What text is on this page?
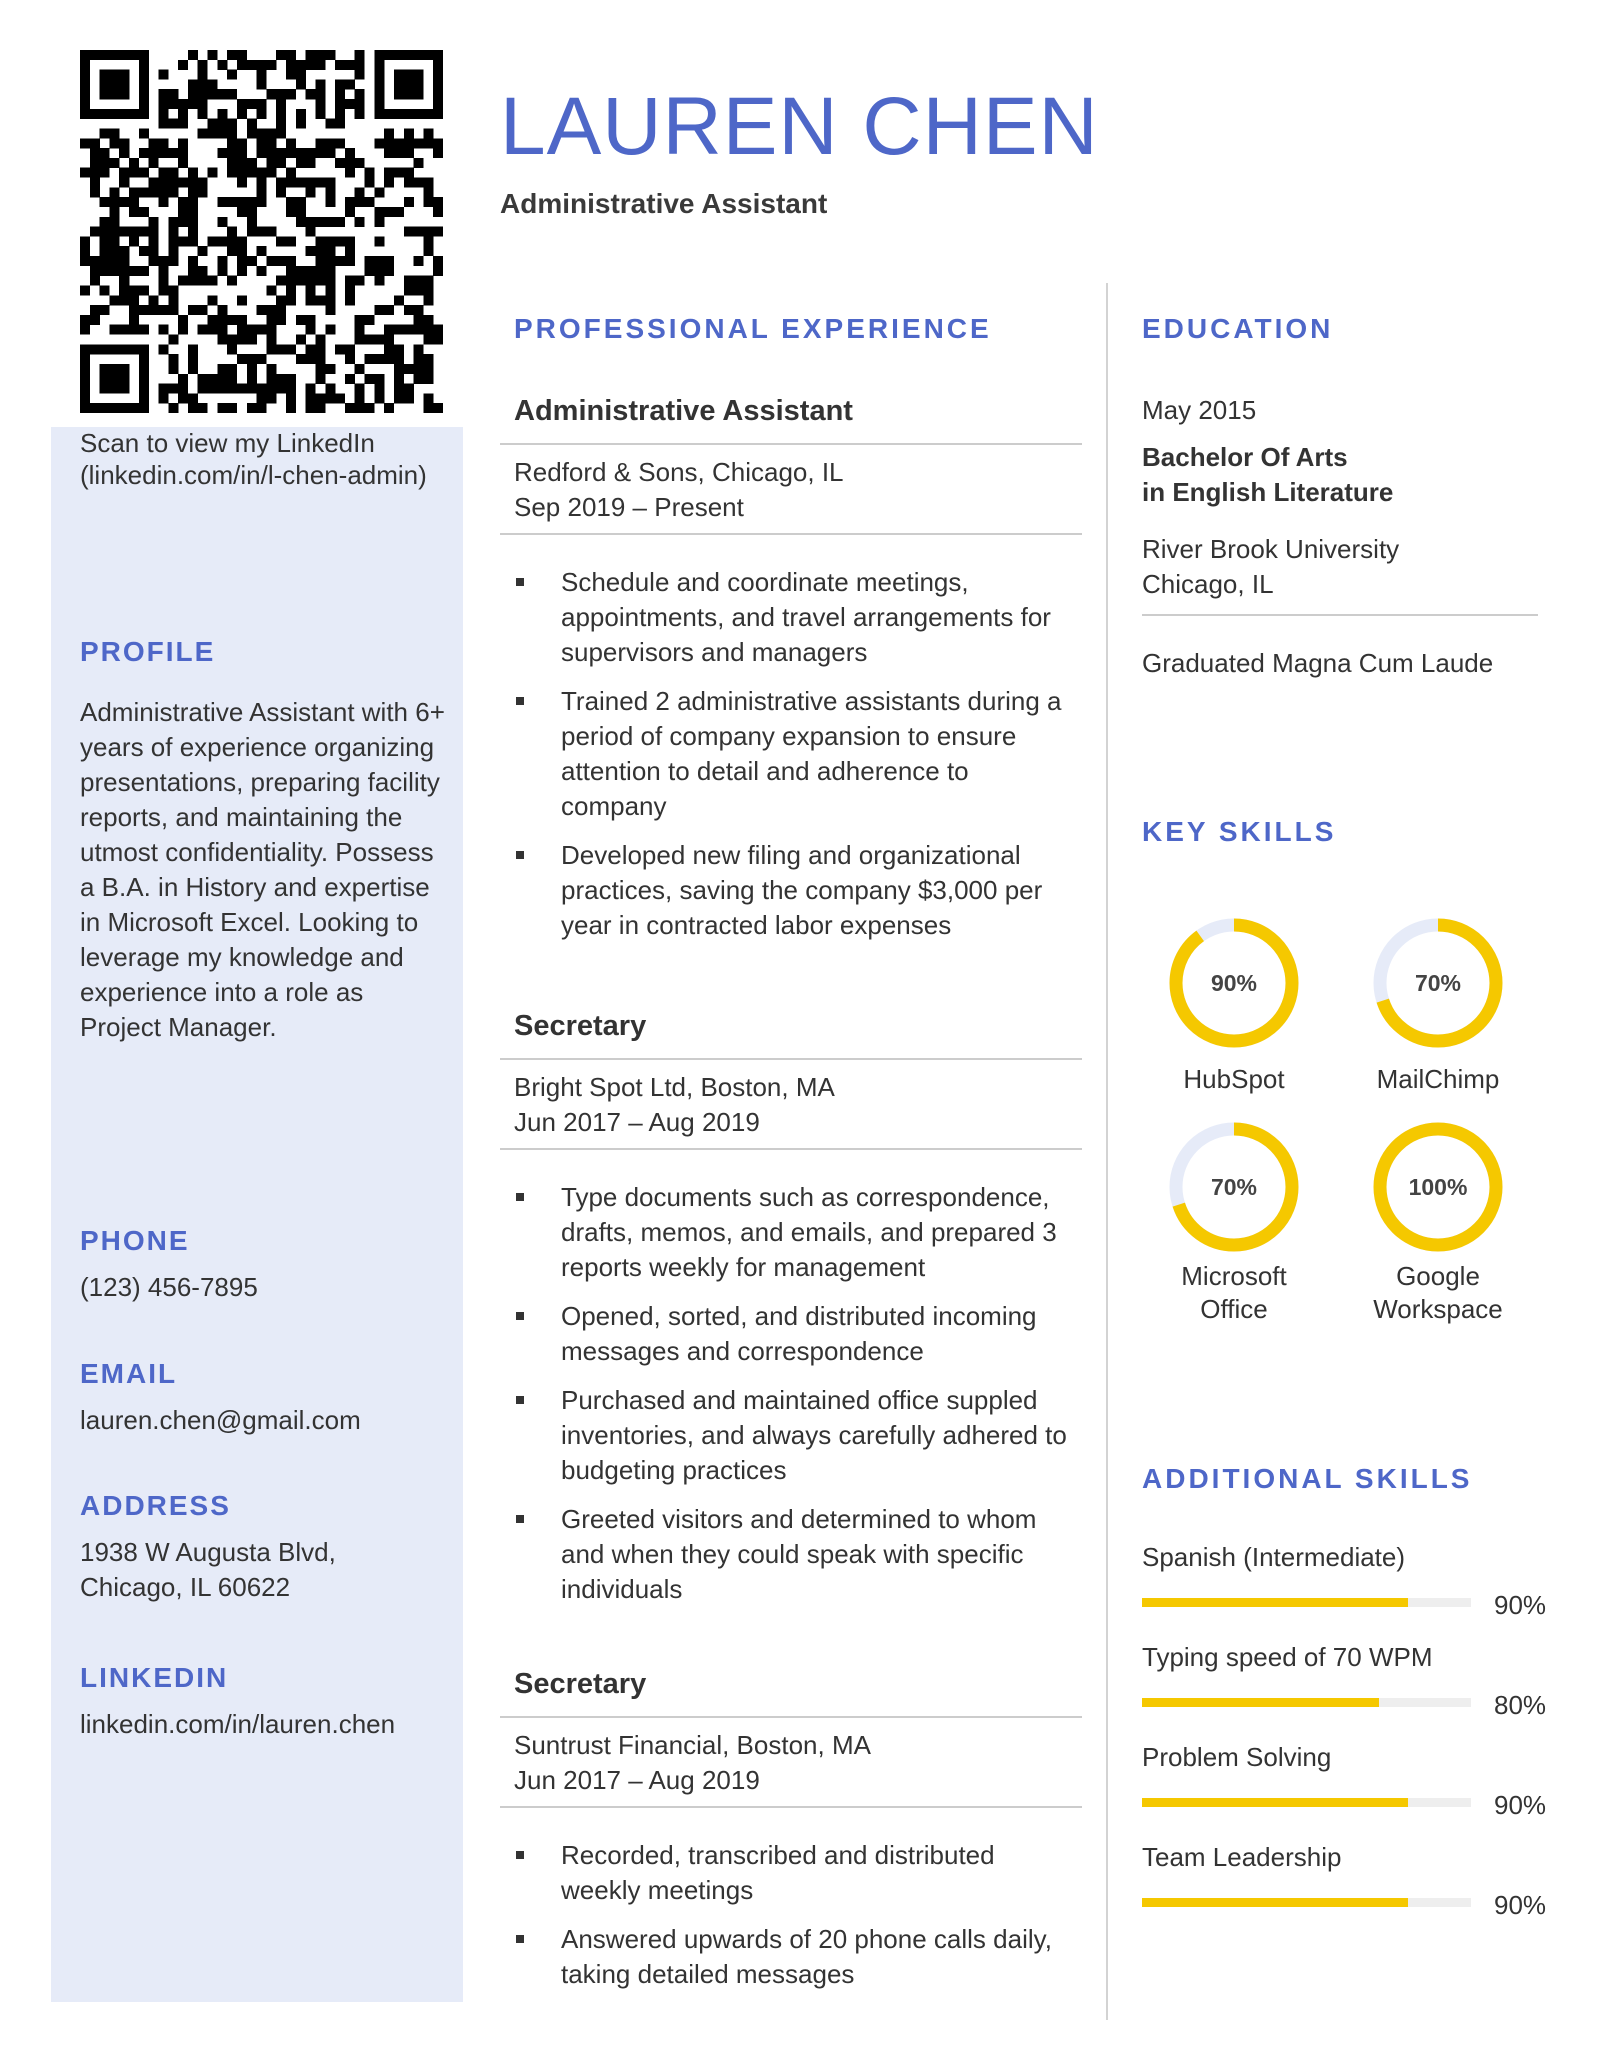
Scan to view my LinkedIn
(linkedin.com/in/l-chen-admin)
PROFILE
Administrative Assistant with 6+ years of experience organizing presentations, preparing facility reports, and maintaining the utmost confidentiality. Possess a B.A. in History and expertise in Microsoft Excel. Looking to leverage my knowledge and experience into a role as Project Manager.
PHONE
(123) 456-7895
EMAIL
lauren.chen@gmail.com
ADDRESS
1938 W Augusta Blvd,
Chicago, IL 60622
LINKEDIN
linkedin.com/in/lauren.chen
LAUREN CHEN
Administrative Assistant
PROFESSIONAL EXPERIENCE
Administrative Assistant
Redford & Sons, Chicago, IL
Sep 2019 – Present
Schedule and coordinate meetings, appointments, and travel arrangements for supervisors and managers
Trained 2 administrative assistants during a period of company expansion to ensure attention to detail and adherence to company
Developed new filing and organizational practices, saving the company $3,000 per year in contracted labor expenses
Secretary
Bright Spot Ltd, Boston, MA
Jun 2017 – Aug 2019
Type documents such as correspondence, drafts, memos, and emails, and prepared 3 reports weekly for management
Opened, sorted, and distributed incoming messages and correspondence
Purchased and maintained office suppled inventories, and always carefully adhered to budgeting practices
Greeted visitors and determined to whom and when they could speak with specific individuals
Secretary
Suntrust Financial, Boston, MA
Jun 2017 – Aug 2019
Recorded, transcribed and distributed weekly meetings
Answered upwards of 20 phone calls daily, taking detailed messages
EDUCATION
May 2015
Bachelor Of Arts
in English Literature
River Brook University
Chicago, IL
Graduated Magna Cum Laude
KEY SKILLS
90%
HubSpot
70%
MailChimp
70%
Microsoft
Office
100%
Google
Workspace
ADDITIONAL SKILLS
Spanish (Intermediate)
90%
Typing speed of 70 WPM
80%
Problem Solving
90%
Team Leadership
90%
